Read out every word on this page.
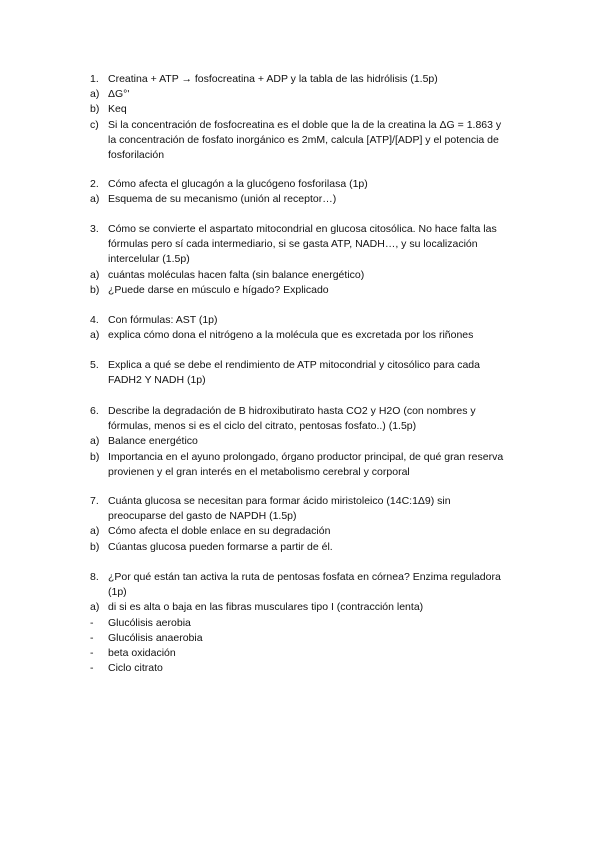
1. Creatina + ATP → fosfocreatina + ADP y la tabla de las hidrólisis (1.5p)
a) ΔG°'
b) Keq
c) Si la concentración de fosfocreatina es el doble que la de la creatina la ΔG = 1.863 y
la concentración de fosfato inorgánico es 2mM, calcula [ATP]/[ADP] y el potencia de
fosforilación
2. Cómo afecta el glucagón a la glucógeno fosforilasa (1p)
a) Esquema de su mecanismo (unión al receptor…)
3. Cómo se convierte el aspartato mitocondrial en glucosa citosólica. No hace falta las
fórmulas pero sí cada intermediario, si se gasta ATP, NADH…, y su localización
intercelular (1.5p)
a) cuántas moléculas hacen falta (sin balance energético)
b) ¿Puede darse en músculo e hígado? Explicado
4. Con fórmulas: AST (1p)
a) explica cómo dona el nitrógeno a la molécula que es excretada por los riñones
5. Explica a qué se debe el rendimiento de ATP mitocondrial y citosólico para cada
FADH2 Y NADH (1p)
6. Describe la degradación de B hidroxibutirato hasta CO2 y H2O (con nombres y
fórmulas, menos si es el ciclo del citrato, pentosas fosfato..) (1.5p)
a) Balance energético
b) Importancia en el ayuno prolongado, órgano productor principal, de qué gran reserva
provienen y el gran interés en el metabolismo cerebral y corporal
7. Cuánta glucosa se necesitan para formar ácido miristoleico (14C:1Δ9) sin
preocuparse del gasto de NAPDH (1.5p)
a) Cómo afecta el doble enlace en su degradación
b) Cúantas glucosa pueden formarse a partir de él.
8. ¿Por qué están tan activa la ruta de pentosas fosfata en córnea? Enzima reguladora
(1p)
a) di si es alta o baja en las fibras musculares tipo I (contracción lenta)
-	Glucólisis aerobia
-	Glucólisis anaerobia
-	beta oxidación
-	Ciclo citrato
